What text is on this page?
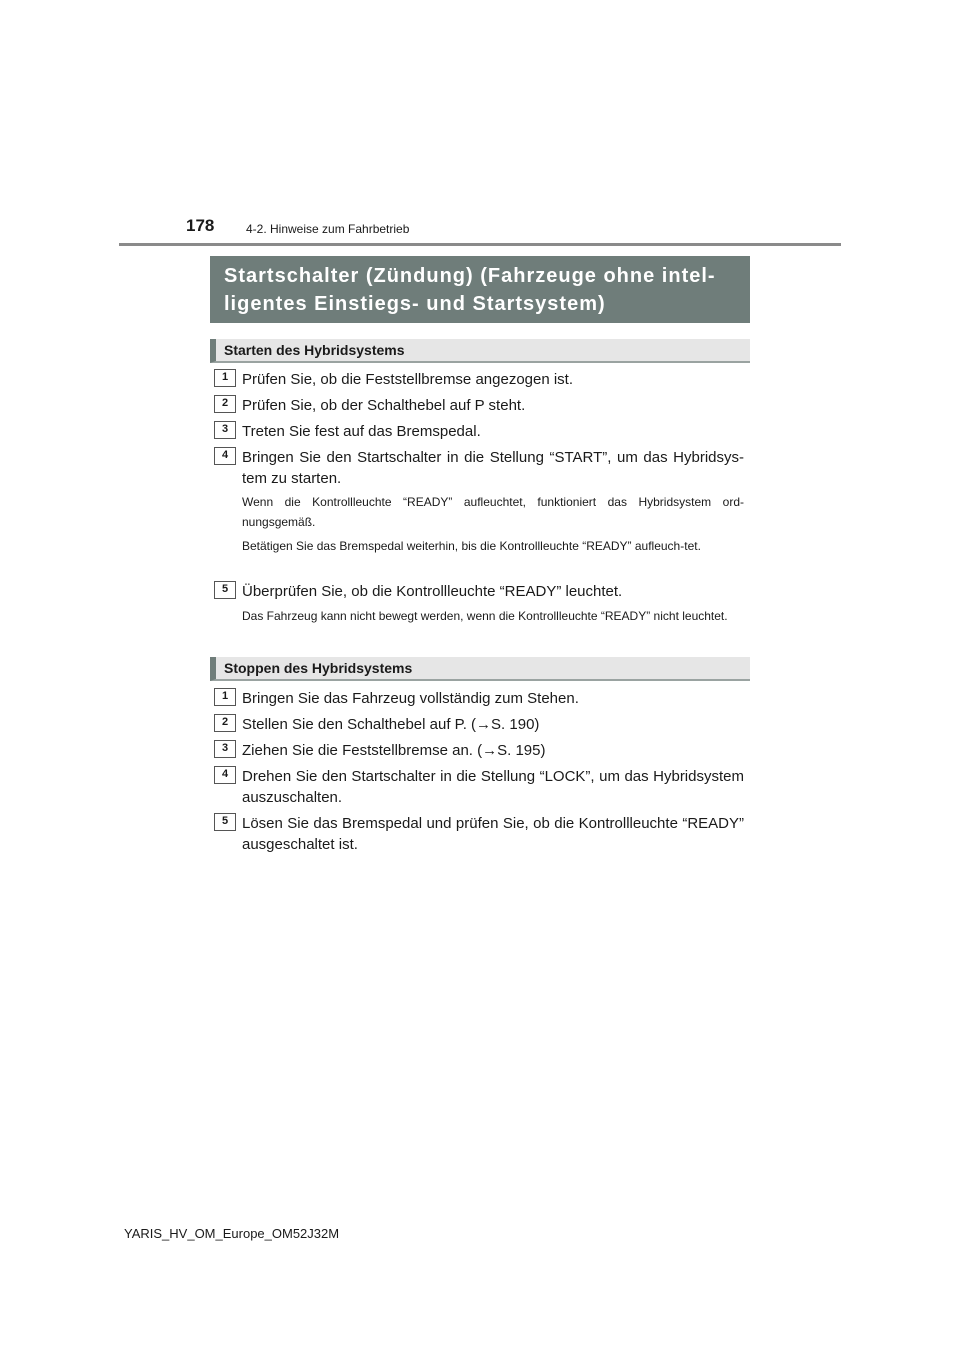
178	4-2. Hinweise zum Fahrbetrieb
Startschalter (Zündung) (Fahrzeuge ohne intel-
ligentes Einstiegs- und Startsystem)
Starten des Hybridsystems
1 Prüfen Sie, ob die Feststellbremse angezogen ist.
2 Prüfen Sie, ob der Schalthebel auf P steht.
3 Treten Sie fest auf das Bremspedal.
4 Bringen Sie den Startschalter in die Stellung “START”, um das Hybridsys-tem zu starten.
Wenn die Kontrollleuchte “READY” aufleuchtet, funktioniert das Hybridsystem ord-nungsgemäß.
Betätigen Sie das Bremspedal weiterhin, bis die Kontrollleuchte “READY” aufleuch-tet.
5 Überprüfen Sie, ob die Kontrollleuchte “READY” leuchtet.
Das Fahrzeug kann nicht bewegt werden, wenn die Kontrollleuchte “READY” nicht leuchtet.
Stoppen des Hybridsystems
1 Bringen Sie das Fahrzeug vollständig zum Stehen.
2 Stellen Sie den Schalthebel auf P. (→S. 190)
3 Ziehen Sie die Feststellbremse an. (→S. 195)
4 Drehen Sie den Startschalter in die Stellung “LOCK”, um das Hybridsystem auszuschalten.
5 Lösen Sie das Bremspedal und prüfen Sie, ob die Kontrollleuchte “READY” ausgeschaltet ist.
YARIS_HV_OM_Europe_OM52J32M
